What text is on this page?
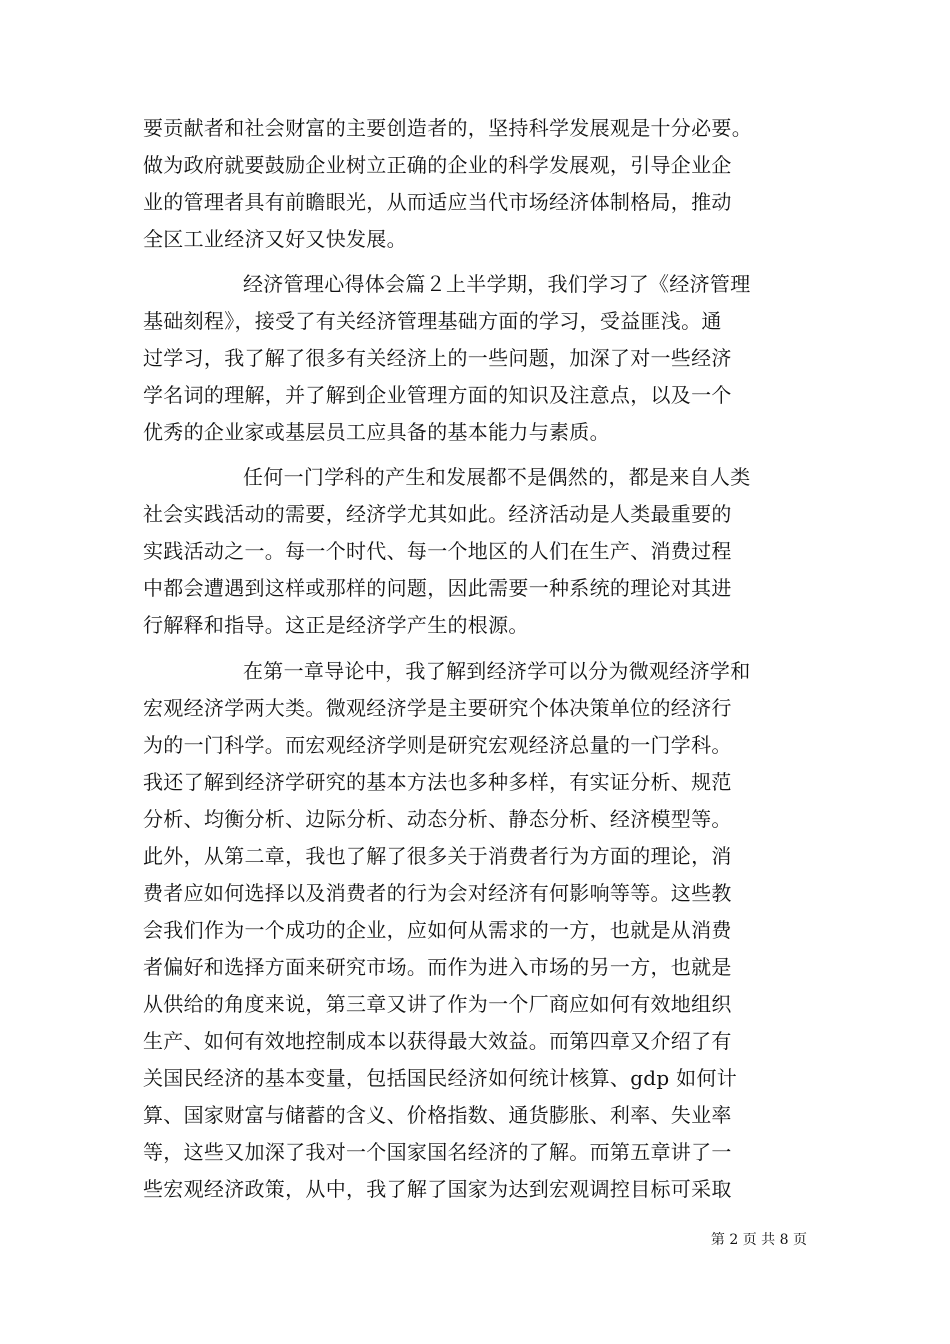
要贡献者和社会财富的主要创造者的，坚持科学发展观是十分必要。
做为政府就要鼓励企业树立正确的企业的科学发展观，引导企业企
业的管理者具有前瞻眼光，从而适应当代市场经济体制格局，推动
全区工业经济又好又快发展。
经济管理心得体会篇２上半学期，我们学习了《经济管理
基础刻程》，接受了有关经济管理基础方面的学习，受益匪浅。通
过学习，我了解了很多有关经济上的一些问题，加深了对一些经济
学名词的理解，并了解到企业管理方面的知识及注意点，以及一个
优秀的企业家或基层员工应具备的基本能力与素质。
任何一门学科的产生和发展都不是偶然的，都是来自人类
社会实践活动的需要，经济学尤其如此。经济活动是人类最重要的
实践活动之一。每一个时代、每一个地区的人们在生产、消费过程
中都会遭遇到这样或那样的问题，因此需要一种系统的理论对其进
行解释和指导。这正是经济学产生的根源。
在第一章导论中，我了解到经济学可以分为微观经济学和
宏观经济学两大类。微观经济学是主要研究个体决策单位的经济行
为的一门科学。而宏观经济学则是研究宏观经济总量的一门学科。
我还了解到经济学研究的基本方法也多种多样，有实证分析、规范
分析、均衡分析、边际分析、动态分析、静态分析、经济模型等。
此外，从第二章，我也了解了很多关于消费者行为方面的理论，消
费者应如何选择以及消费者的行为会对经济有何影响等等。这些教
会我们作为一个成功的企业，应如何从需求的一方，也就是从消费
者偏好和选择方面来研究市场。而作为进入市场的另一方，也就是
从供给的角度来说，第三章又讲了作为一个厂商应如何有效地组织
生产、如何有效地控制成本以获得最大效益。而第四章又介绍了有
关国民经济的基本变量，包括国民经济如何统计核算、gdp 如何计
算、国家财富与储蓄的含义、价格指数、通货膨胀、利率、失业率
等，这些又加深了我对一个国家国名经济的了解。而第五章讲了一
些宏观经济政策，从中，我了解了国家为达到宏观调控目标可采取
第 2 页 共 8 页
